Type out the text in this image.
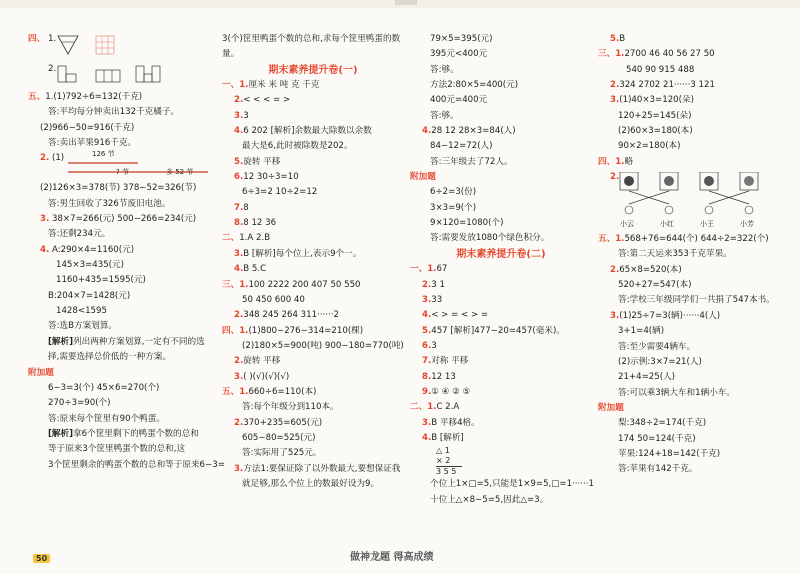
四、 1.
2.
五、1.(1)792÷6=132(千克)
答:平均每分钟卖出132千克橘子。
(2)966−50=916(千克)
答:卖出苹果916千克。
2. (1)	126 节
? 节	多 52 节
(2)126×3=378(节) 378−52=326(节)
答:男生回收了326节废旧电池。
3. 38×7=266(元) 500−266=234(元)
答:还剩234元。
4. A:290×4=1160(元)
145×3=435(元)
1160+435=1595(元)
B:204×7=1428(元)
1428<1595
答:选B方案划算。
[解析]列出两种方案划算,一定有不同的选
择,需要选择总价低的一种方案。
附加题
6−3=3(个) 45×6=270(个)
270÷3=90(个)
答:原来每个筐里有90个鸭蛋。
[解析]拿6个筐里剩下的鸭蛋个数的总和
等于原来3个筐里鸭蛋个数的总和,这
3个筐里剩余的鸭蛋个数的总和等于原来6−3=
3(个)筐里鸭蛋个数的总和,求每个筐里鸭蛋的数
量。
期末素养提升卷(一)
一、1.厘米 米 吨 克 千克
2.< < < = >
3.3
4.6 202 [解析]余数最大除数以余数
最大是6,此时被除数是202。
5.旋转 平移
6.12 30÷3=10
6÷3=2 10÷2=12
7.8
8.8 12 36
二、1.A 2.B
3.B [解析]每个位上,表示9个一。
4.B 5.C
三、1.100 2222 200 407 50 550
50 450 600 40
2.348 245 264 311······2
四、1.(1)800−276−314=210(棵)
(2)180×5=900(吨) 900−180=770(吨)
2.旋转 平移
3.( )(√)(√)(√)
五、1.660÷6=110(本)
答:每个年级分到110本。
2.370+235=605(元)
605−80=525(元)
答:实际用了525元。
3.方法1:要保证除了以外数最大,要想保证我
就足够,那么个位上的数最好设为9。
79×5=395(元)
395元<400元
答:够。
方法2:80×5=400(元)
400元=400元
答:够。
4.28 12 28×3=84(人)
84−12=72(人)
答:三年级去了72人。
附加题
6÷2=3(份)
3×3=9(个)
9×120=1080(个)
答:需要发放1080个绿色积分。
期末素养提升卷(二)
一、1.67
2.3 1
3.33
4.< > = < > =
5.457 [解析]477−20=457(毫米)。
6.3
7.对称 平移
8.12 13
9.① ④ ② ⑤
二、1.C 2.A
3.B 平移4格。
4.B [解析]
△ 1
× 2
3 5 5
个位上1×□=5,只能是1×9=5,□=1······1
十位上△×8−5=5,因此△=3。
5.B
三、1.2700 46 40 56 27 50
540 90 915 488
2.324 2702 21······3 121
3.(1)40×3=120(朵)
120+25=145(朵)
(2)60×3=180(本)
90×2=180(本)
四、1.略
2.
小云	小红	小王	小芳
五、1.568+76=644(个) 644÷2=322(个)
答:第二天运来353千克苹果。
2.65×8=520(本)
520+27=547(本)
答:学校三年级同学们一共捐了547本书。
3.(1)25÷7=3(辆)······4(人)
3+1=4(辆)
答:至少需要4辆车。
(2)示例:3×7=21(人)
21+4=25(人)
答:可以乘3辆大车和1辆小车。
附加题
梨:348÷2=174(千克)
174 50=124(千克)
苹果:124+18=142(千克)
答:苹果有142千克。
50	做神龙题 得高成绩
